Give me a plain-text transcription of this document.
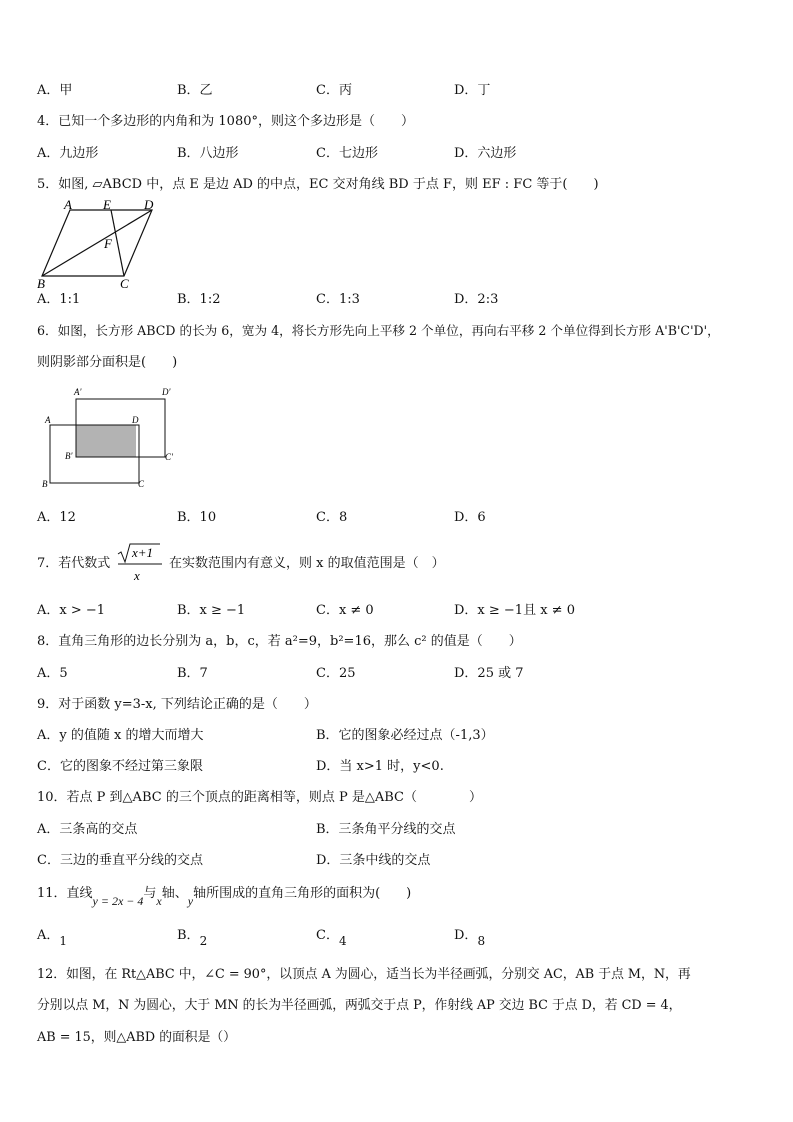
A．甲	B．乙	C．丙	D．丁
4．已知一个多边形的内角和为 1080°，则这个多边形是（　　）
A．九边形	B．八边形	C．七边形	D．六边形
5．如图, ▱ABCD 中，点 E 是边 AD 的中点，EC 交对角线 BD 于点 F，则 EF : FC 等于(　　)
A E	D
F
B	C
A．1:1	B．1:2	C．1:3	D．2:3
6．如图，长方形 ABCD 的长为 6，宽为 4，将长方形先向上平移 2 个单位，再向右平移 2 个单位得到长方形 A'B'C'D'，
则阴影部分面积是(　　)
A'	D'
A	D
B'	C'
B	C
A．12	B．10	C．8	D．6
7．若代数式
x+1
x
在实数范围内有意义，则 x 的取值范围是（　）
A．x > −1	B．x ≥ −1	C．x ≠ 0	D．x ≥ −1且 x ≠ 0
8．直角三角形的边长分别为 a，b，c，若 a²=9，b²=16，那么 c² 的值是（　　）
A．5	B．7	C．25	D．25 或 7
9．对于函数 y=3-x, 下列结论正确的是（　　）
A．y 的值随 x 的增大而增大	B．它的图象必经过点（-1,3）
C．它的图象不经过第三象限	D．当 x>1 时，y<0.
10．若点 P 到△ABC 的三个顶点的距离相等，则点 P 是△ABC（　　　　）
A．三条高的交点	B．三条角平分线的交点
C．三边的垂直平分线的交点	D．三条中线的交点
11．直线y = 2x − 4与x轴、y轴所围成的直角三角形的面积为(　　)
A．1	B．2	C．4	D．8
12．如图，在 Rt△ABC 中，∠C = 90°，以顶点 A 为圆心，适当长为半径画弧，分别交 AC，AB 于点 M，N，再
分别以点 M，N 为圆心，大于 MN 的长为半径画弧，两弧交于点 P，作射线 AP 交边 BC 于点 D，若 CD = 4，
AB = 15，则△ABD 的面积是（）
